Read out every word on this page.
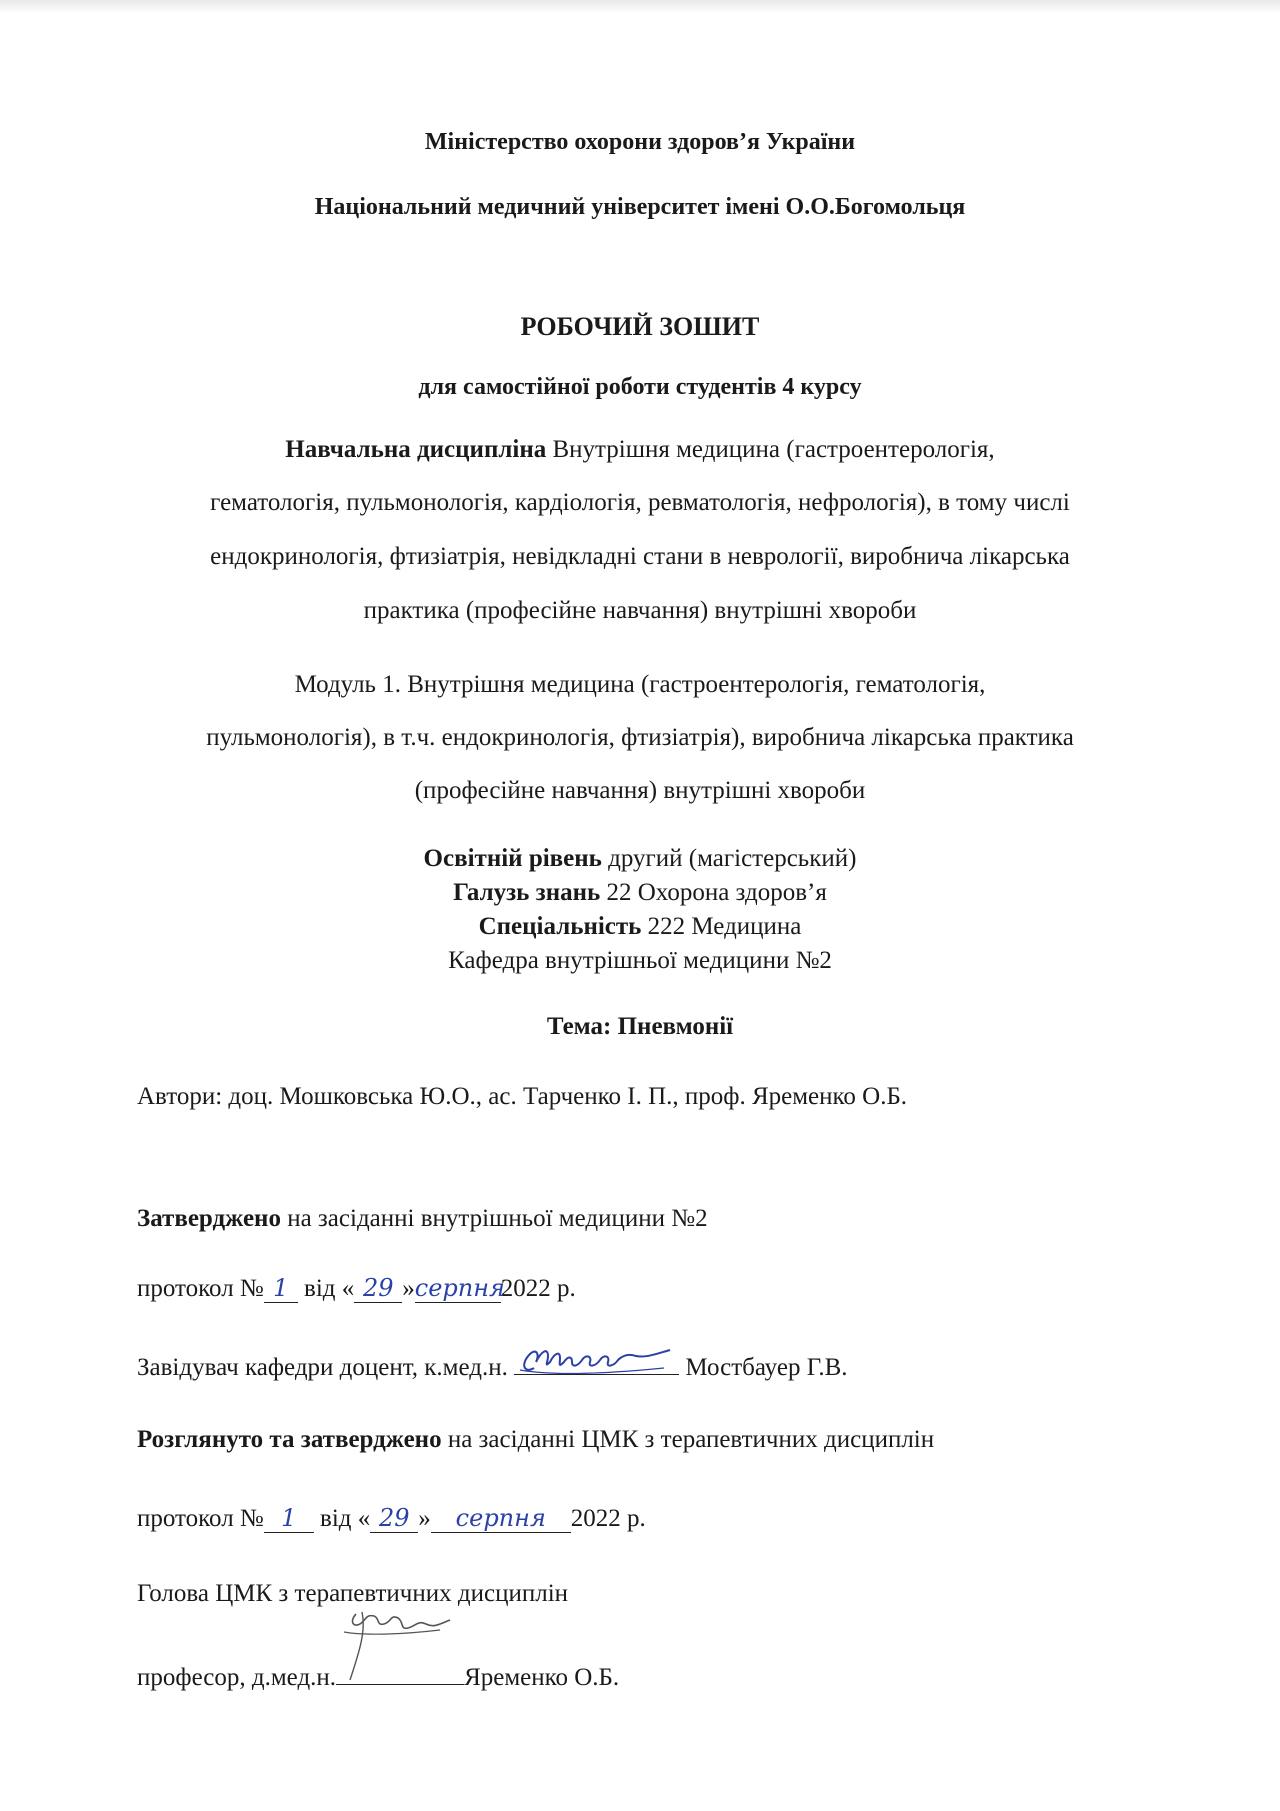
Міністерство охорони здоров’я України
Національний медичний університет імені О.О.Богомольця
РОБОЧИЙ ЗОШИТ
для самостійної роботи студентів 4 курсу
Навчальна дисципліна Внутрішня медицина (гастроентерологія,
гематологія, пульмонологія, кардіологія, ревматологія, нефрологія), в тому числі
ендокринологія, фтизіатрія, невідкладні стани в неврології, виробнича лікарська
практика (професійне навчання) внутрішні хвороби
Модуль 1. Внутрішня медицина (гастроентерологія, гематологія,
пульмонологія), в т.ч. ендокринологія, фтизіатрія), виробнича лікарська практика
(професійне навчання) внутрішні хвороби
Освітній рівень другий (магістерський)
Галузь знань 22 Охорона здоров’я
Спеціальність 222 Медицина
Кафедра внутрішньої медицини №2
Тема: Пневмонії
Автори: доц. Мошковська Ю.О., ас. Тарченко І. П., проф. Яременко О.Б.
Затверджено на засіданні внутрішньої медицини №2
протокол № 1 від « 29 »серпня2022 р.
Завідувач кафедри доцент, к.мед.н.	Мостбауер Г.В.
Розглянуто та затверджено на засіданні ЦМК з терапевтичних дисциплін
протокол № 1 від « 29 » серпня 2022 р.
Голова ЦМК з терапевтичних дисциплін
професор, д.мед.н.	Яременко О.Б.
